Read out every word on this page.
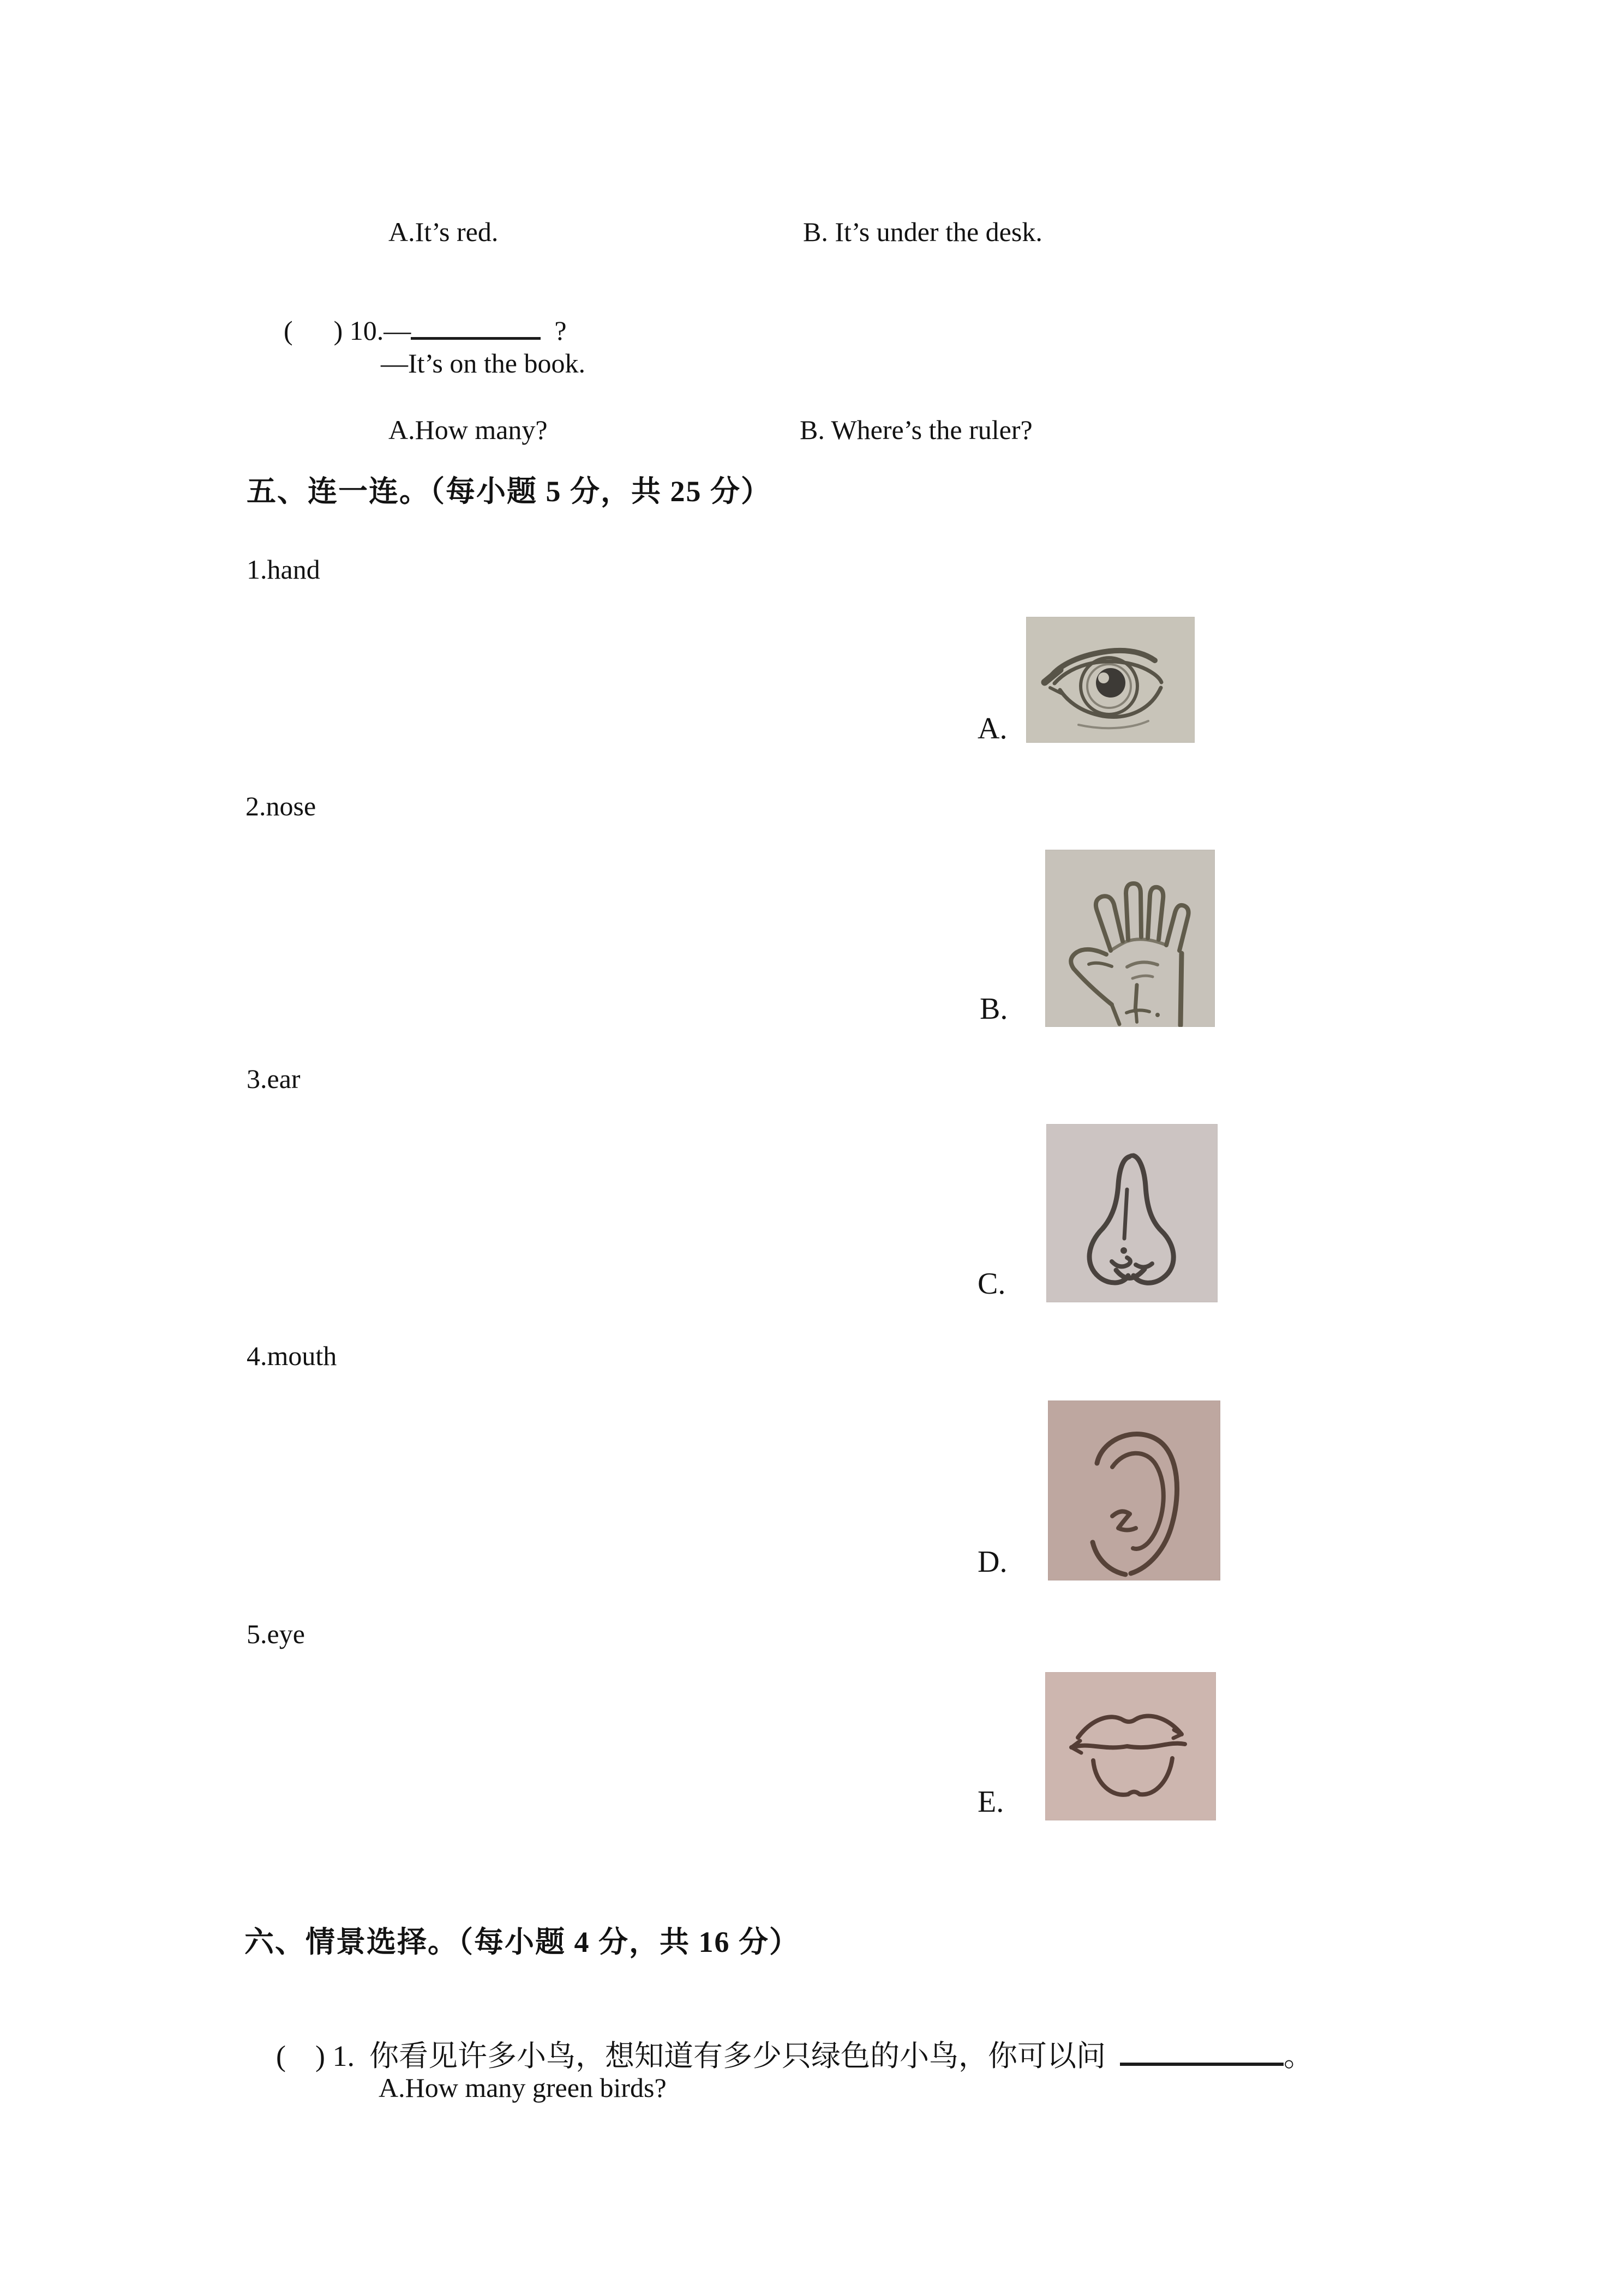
A.It’s red.	B. It’s under the desk.

(      ) 10.—	?

—It’s on the book.
A.How many?	B. Where’s the ruler?
五、连一连。（每小题 5 分，共 25 分）
1.hand
2.nose
3.ear
4.mouth
5.eye
A.
B.
C.
D.
E.
六、情景选择。（每小题 4 分，共 16 分）

(    ) 1.  你看见许多小鸟，想知道有多少只绿色的小鸟，你可以问	。

A.How many green birds?
